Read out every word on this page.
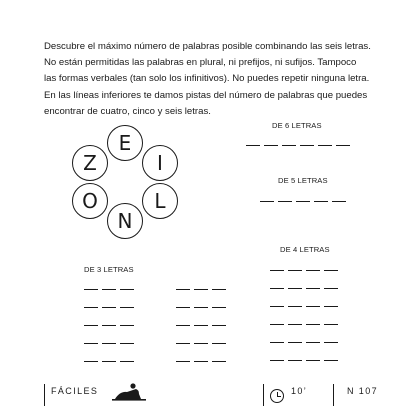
Descubre el máximo número de palabras posible combinando las seis letras.

No están permitidas las palabras en plural, ni prefijos, ni sufijos. Tampoco

las formas verbales (tan solo los infinitivos). No puedes repetir ninguna letra.

En las líneas inferiores te damos pistas del número de palabras que puedes

encontrar de cuatro, cinco y seis letras.

E
I
L
N
O
Z
DE 6 LETRAS
DE 5 LETRAS
DE 4 LETRAS
DE 3 LETRAS
FÁCILES	10’	N 107
